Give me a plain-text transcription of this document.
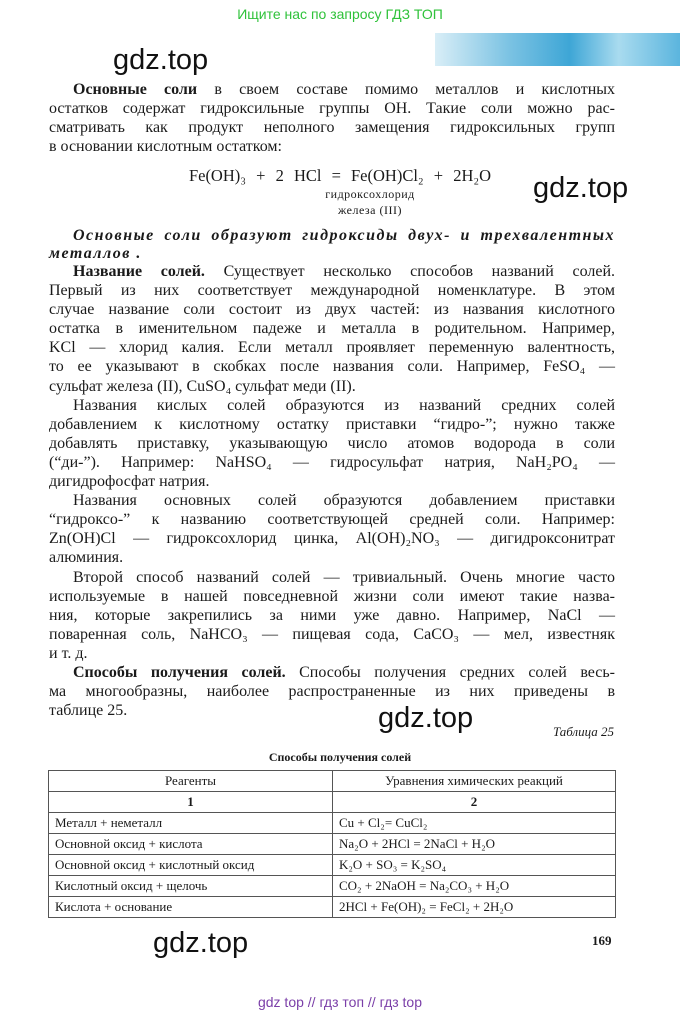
Ищите нас по запросу ГДЗ ТОП
gdz.top
gdz.top
gdz.top
gdz.top
Основные соли в своем составе помимо металлов и кислотных
остатков содержат гидроксильные группы ОН. Такие соли можно рас-
сматривать как продукт неполного замещения гидроксильных групп
в основании кислотным остатком:
Fe(OH)₃ + 2 HCl = Fe(OH)Cl₂ + 2H₂O
гидроксохлорид
железа (III)
Основные соли образуют гидроксиды двух- и трехвалентных
металлов .
Название солей. Существует несколько способов названий солей.
Первый из них соответствует международной номенклатуре. В этом
случае название соли состоит из двух частей: из названия кислотного
остатка в именительном падеже и металла в родительном. Например,
KCl — хлорид калия. Если металл проявляет переменную валентность,
то ее указывают в скобках после названия соли. Например, FeSO₄ —
сульфат железа (II), CuSO₄ сульфат меди (II).
Названия кислых солей образуются из названий средних солей
добавлением к кислотному остатку приставки “гидро-”; нужно также
добавлять приставку, указывающую число атомов водорода в соли
(“ди-”). Например: NaHSO₄ — гидросульфат натрия, NaH₂PO₄ —
дигидрофосфат натрия.
Названия основных солей образуются добавлением приставки
“гидроксо-” к названию соответствующей средней соли. Например:
Zn(OH)Cl — гидроксохлорид цинка, Al(OH)₂NO₃ — дигидроксонитрат
алюминия.
Второй способ названий солей — тривиальный. Очень многие часто
используемые в нашей повседневной жизни соли имеют такие назва-
ния, которые закрепились за ними уже давно. Например, NaCl —
поваренная соль, NaHCO₃ — пищевая сода, CaCO₃ — мел, известняк
и т. д.
Способы получения солей. Способы получения средних солей весь-
ма многообразны, наиболее распространенные из них приведены в
таблице 25.
Таблица 25
Способы получения солей
Реагенты	Уравнения химических реакций
1	2
Металл + неметалл	Cu + Cl₂= CuCl₂
Основной оксид + кислота	Na₂O + 2HCl = 2NaCl + H₂O
Основной оксид + кислотный оксид	K₂O + SO₃ = K₂SO₄
Кислотный оксид + щелочь	CO₂ + 2NaOH = Na₂CO₃ + H₂O
Кислота + основание	2HCl + Fe(OH)₂ = FeCl₂ + 2H₂O
169
gdz top // гдз топ // гдз top
